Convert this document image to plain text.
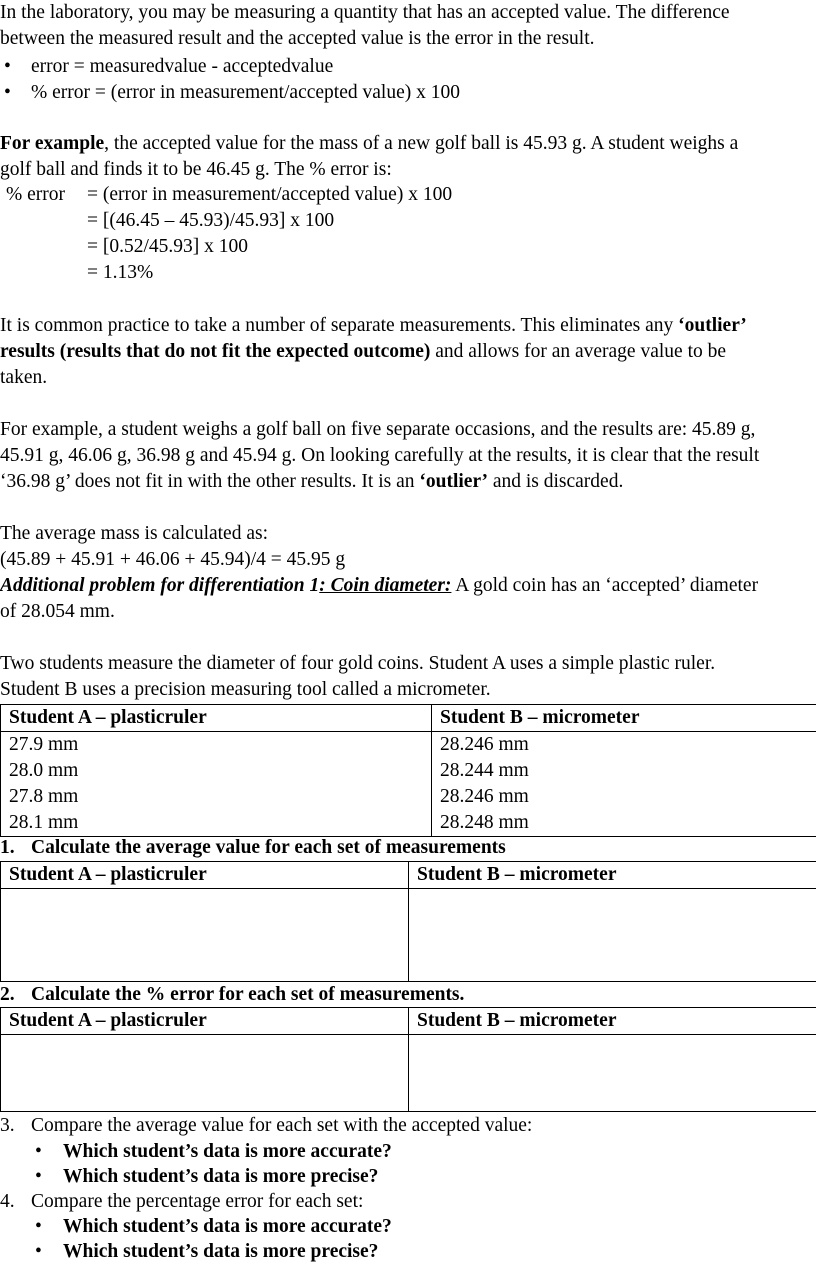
In the laboratory, you may be measuring a quantity that has an accepted value. The difference
between the measured result and the accepted value is the error in the result.
• error = measuredvalue - acceptedvalue
• % error = (error in measurement/accepted value) x 100
For example, the accepted value for the mass of a new golf ball is 45.93 g. A student weighs a
golf ball and finds it to be 46.45 g. The % error is:
% error = (error in measurement/accepted value) x 100
= [(46.45 – 45.93)/45.93] x 100
= [0.52/45.93] x 100
= 1.13%
It is common practice to take a number of separate measurements. This eliminates any ‘outlier’
results (results that do not fit the expected outcome) and allows for an average value to be
taken.
For example, a student weighs a golf ball on five separate occasions, and the results are: 45.89 g,
45.91 g, 46.06 g, 36.98 g and 45.94 g. On looking carefully at the results, it is clear that the result
‘36.98 g’ does not fit in with the other results. It is an ‘outlier’ and is discarded.
The average mass is calculated as:
(45.89 + 45.91 + 46.06 + 45.94)/4 = 45.95 g
Additional problem for differentiation 1: Coin diameter: A gold coin has an ‘accepted’ diameter
of 28.054 mm.
Two students measure the diameter of four gold coins. Student A uses a simple plastic ruler.
Student B uses a precision measuring tool called a micrometer.
Student A – plasticruler	Student B – micrometer
27.9 mm	28.246 mm
28.0 mm	28.244 mm
27.8 mm	28.246 mm
28.1 mm	28.248 mm
1. Calculate the average value for each set of measurements
Student A – plasticruler	Student B – micrometer

2. Calculate the % error for each set of measurements.
Student A – plasticruler	Student B – micrometer

3. Compare the average value for each set with the accepted value:
• Which student’s data is more accurate?
• Which student’s data is more precise?
4. Compare the percentage error for each set:
• Which student’s data is more accurate?
• Which student’s data is more precise?
